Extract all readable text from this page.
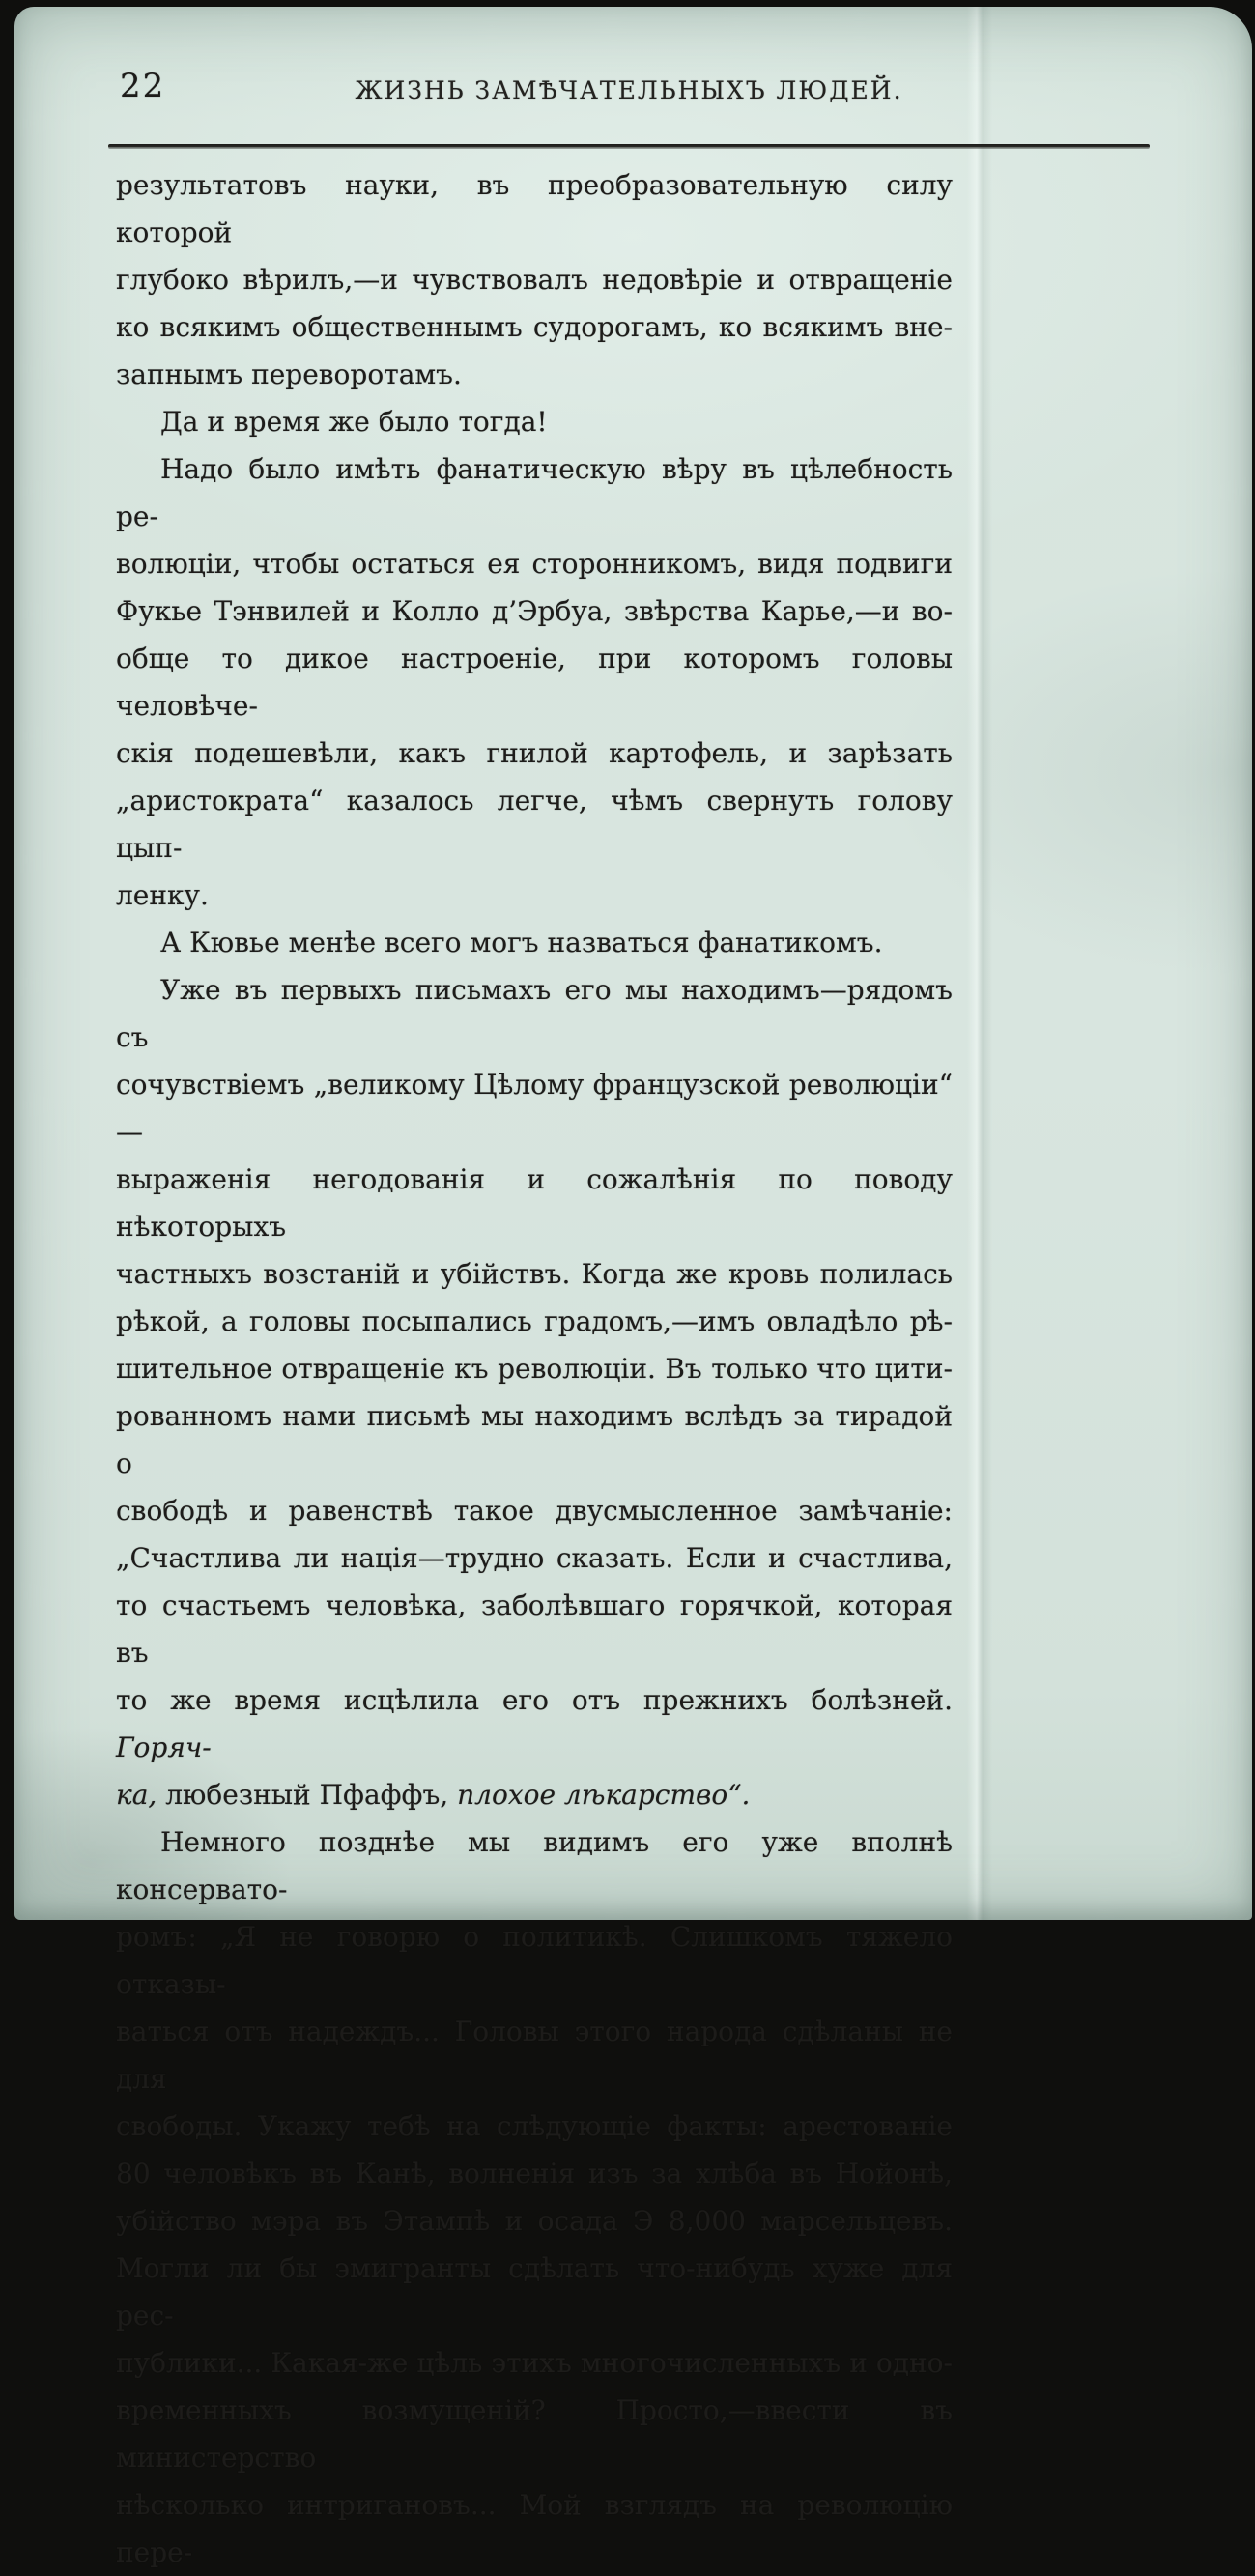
22	ЖИЗНЬ ЗАМѢЧАТЕЛЬНЫХЪ ЛЮДЕЙ.
результатовъ науки, въ преобразовательную силу которой
глубоко вѣрилъ,—и чувствовалъ недовѣріе и отвращеніе
ко всякимъ общественнымъ судорогамъ, ко всякимъ вне-
запнымъ переворотамъ.
Да и время же было тогда!
Надо было имѣть фанатическую вѣру въ цѣлебность ре-
волюціи, чтобы остаться ея сторонникомъ, видя подвиги
Фукье Тэнвилей и Колло д’Эрбуа, звѣрства Карье,—и во-
обще то дикое настроеніе, при которомъ головы человѣче-
скія подешевѣли, какъ гнилой картофель, и зарѣзать
„аристократа“ казалось легче, чѣмъ свернуть голову цып-
ленку.
А Кювье менѣе всего могъ назваться фанатикомъ.
Уже въ первыхъ письмахъ его мы находимъ—рядомъ съ
сочувствіемъ „великому Цѣлому французской революціи“ —
выраженія негодованія и сожалѣнія по поводу нѣкоторыхъ
частныхъ возстаній и убійствъ. Когда же кровь полилась
рѣкой, а головы посыпались градомъ,—имъ овладѣло рѣ-
шительное отвращеніе къ революціи. Въ только что цити-
рованномъ нами письмѣ мы находимъ вслѣдъ за тирадой о
свободѣ и равенствѣ такое двусмысленное замѣчаніе:
„Счастлива ли нація—трудно сказать. Если и счастлива,
то счастьемъ человѣка, заболѣвшаго горячкой, которая въ
то же время исцѣлила его отъ прежнихъ болѣзней. Горяч-
ка, любезный Пфаффъ, плохое лѣкарство“.
Немного позднѣе мы видимъ его уже вполнѣ консервато-
ромъ: „Я не говорю о политикѣ. Слишкомъ тяжело отказы-
ваться отъ надеждъ... Головы этого народа сдѣланы не для
свободы. Укажу тебѣ на слѣдующіе факты: арестованіе
80 человѣкъ въ Канѣ, волненія изъ за хлѣба въ Нойонѣ,
убійство мэра въ Этампѣ и осада Э 8,000 марсельцевъ.
Могли ли бы эмигранты сдѣлать что-нибудь хуже для рес-
публики... Какая-же цѣль этихъ многочисленныхъ и одно-
временныхъ возмущеній? Просто,—ввести въ министерство
нѣсколько интригановъ... Мой взглядъ на революцію пере-
